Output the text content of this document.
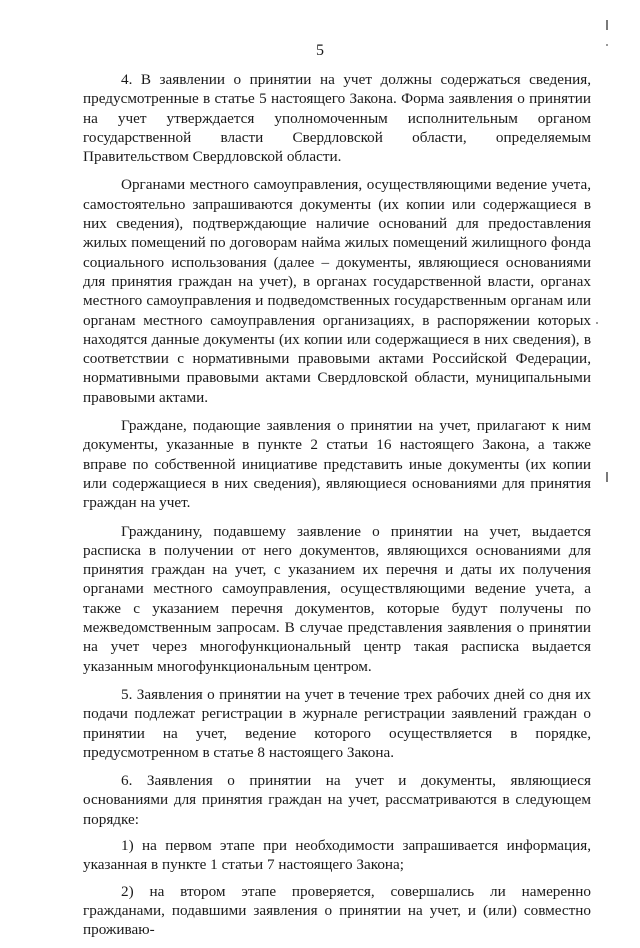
5

4. В заявлении о принятии на учет должны содержаться сведения, предусмотренные в статье 5 настоящего Закона. Форма заявления о принятии на учет утверждается уполномоченным исполнительным органом государственной власти Свердловской области, определяемым Правительством Свердловской области.

Органами местного самоуправления, осуществляющими ведение учета, самостоятельно запрашиваются документы (их копии или содержащиеся в них сведения), подтверждающие наличие оснований для предоставления жилых помещений по договорам найма жилых помещений жилищного фонда социального использования (далее – документы, являющиеся основаниями для принятия граждан на учет), в органах государственной власти, органах местного самоуправления и подведомственных государственным органам или органам местного самоуправления организациях, в распоряжении которых находятся данные документы (их копии или содержащиеся в них сведения), в соответствии с нормативными правовыми актами Российской Федерации, нормативными правовыми актами Свердловской области, муниципальными правовыми актами.

Граждане, подающие заявления о принятии на учет, прилагают к ним документы, указанные в пункте 2 статьи 16 настоящего Закона, а также вправе по собственной инициативе представить иные документы (их копии или содержащиеся в них сведения), являющиеся основаниями для принятия граждан на учет.

Гражданину, подавшему заявление о принятии на учет, выдается расписка в получении от него документов, являющихся основаниями для принятия граждан на учет, с указанием их перечня и даты их получения органами местного самоуправления, осуществляющими ведение учета, а также с указанием перечня документов, которые будут получены по межведомственным запросам. В случае представления заявления о принятии на учет через многофункциональный центр такая расписка выдается указанным многофункциональным центром.

5. Заявления о принятии на учет в течение трех рабочих дней со дня их подачи подлежат регистрации в журнале регистрации заявлений граждан о принятии на учет, ведение которого осуществляется в порядке, предусмотренном в статье 8 настоящего Закона.

6. Заявления о принятии на учет и документы, являющиеся основаниями для принятия граждан на учет, рассматриваются в следующем порядке:

1) на первом этапе при необходимости запрашивается информация, указанная в пункте 1 статьи 7 настоящего Закона;

2) на втором этапе проверяется, совершались ли намеренно гражданами, подавшими заявления о принятии на учет, и (или) совместно проживаю-
